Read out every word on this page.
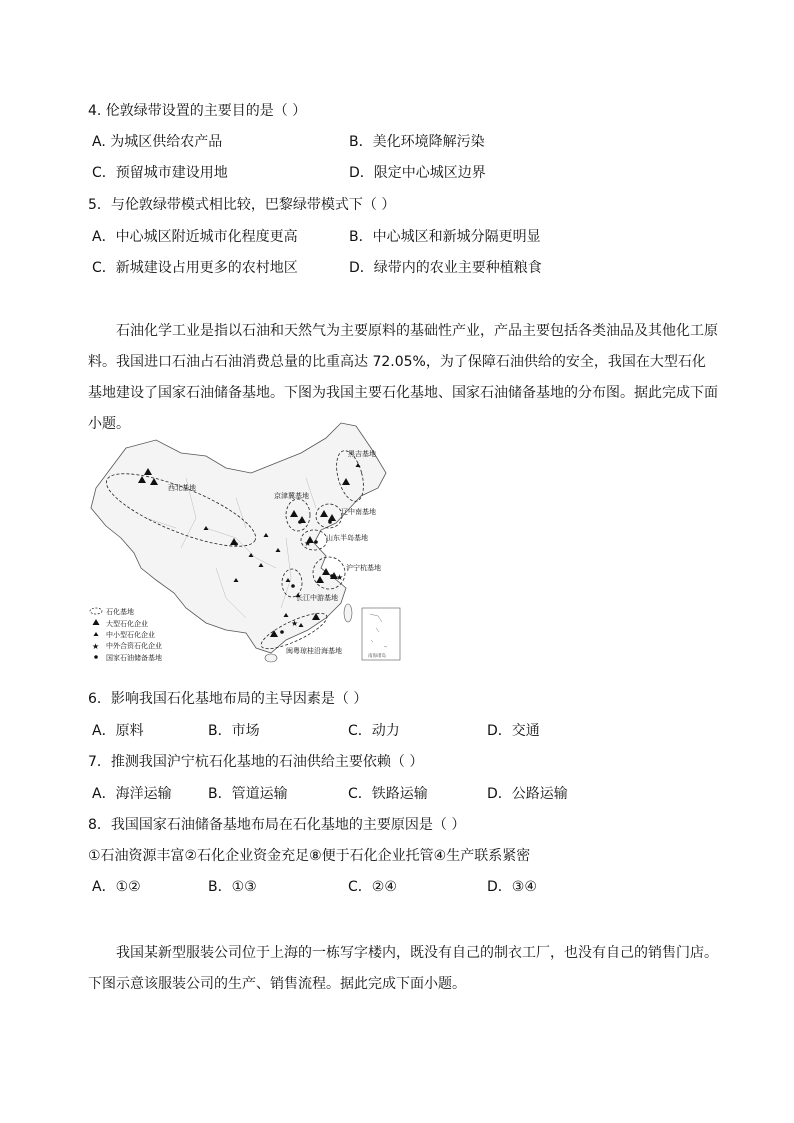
4. 伦敦绿带设置的主要目的是（ ）
A. 为城区供给农产品	B．美化环境降解污染
C．预留城市建设用地	D．限定中心城区边界
5．与伦敦绿带模式相比较，巴黎绿带模式下（ ）
A．中心城区附近城市化程度更高	B．中心城区和新城分隔更明显
C．新城建设占用更多的农村地区	D．绿带内的农业主要种植粮食

石油化学工业是指以石油和天然气为主要原料的基础性产业，产品主要包括各类油品及其他化工原料。我国进口石油占石油消费总量的比重高达 72.05%，为了保障石油供给的安全，我国在大型石化基地建设了国家石油储备基地。下图为我国主要石化基地、国家石油储备基地的分布图。据此完成下面小题。

★
★
★
黑吉基地
西北基地
京津冀基地
辽中南基地
山东半岛基地
沪宁杭基地
长江中游基地
闽粤琼桂沿海基地
石化基地
大型石化企业
中小型石化企业
★ 中外合资石化企业
国家石油储备基地	南海诸岛
6．影响我国石化基地布局的主导因素是（ ）
A．原料	B．市场	C．动力	D．交通
7．推测我国沪宁杭石化基地的石油供给主要依赖（ ）
A．海洋运输	B．管道运输	C．铁路运输	D．公路运输
8．我国国家石油储备基地布局在石化基地的主要原因是（ ）
①石油资源丰富②石化企业资金充足⑧便于石化企业托管④生产联系紧密
A．①②	B．①③	C．②④	D．③④

我国某新型服装公司位于上海的一栋写字楼内，既没有自己的制衣工厂，也没有自己的销售门店。下图示意该服装公司的生产、销售流程。据此完成下面小题。
